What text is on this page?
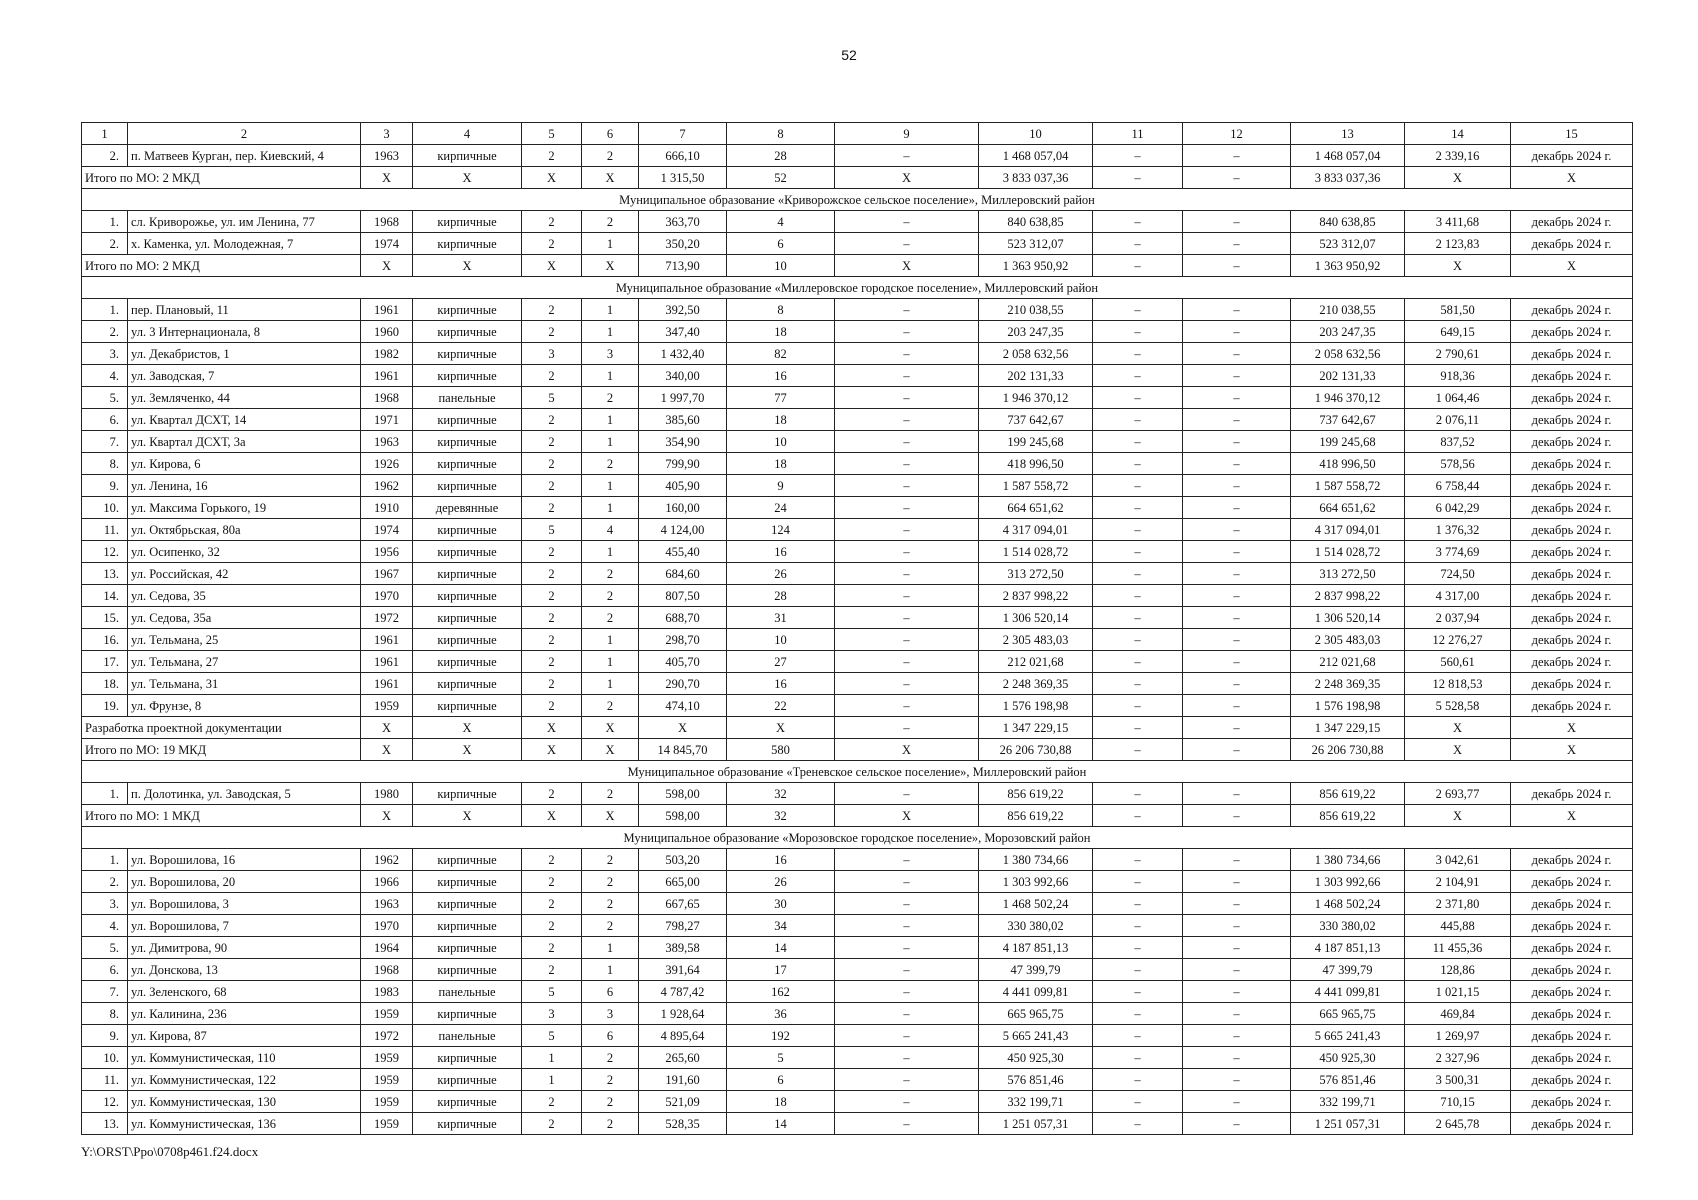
52
1	2	3	4	5	6	7	8	9	10	11	12	13	14	15
2.	п. Матвеев Курган, пер. Киевский, 4	1963	кирпичные	2	2	666,10	28	–	1 468 057,04	–	–	1 468 057,04	2 339,16	декабрь 2024 г.
Итого по МО: 2 МКД		Х	Х	Х	Х	1 315,50	52	Х	3 833 037,36	–	–	3 833 037,36	Х	Х
Муниципальное образование «Криворожское сельское поселение», Миллеровский район														
1.	сл. Криворожье, ул. им Ленина, 77	1968	кирпичные	2	2	363,70	4	–	840 638,85	–	–	840 638,85	3 411,68	декабрь 2024 г.
2.	х. Каменка, ул. Молодежная, 7	1974	кирпичные	2	1	350,20	6	–	523 312,07	–	–	523 312,07	2 123,83	декабрь 2024 г.
Итого по МО: 2 МКД		Х	Х	Х	Х	713,90	10	Х	1 363 950,92	–	–	1 363 950,92	Х	Х
Муниципальное образование «Миллеровское городское поселение», Миллеровский район														
1.	пер. Плановый, 11	1961	кирпичные	2	1	392,50	8	–	210 038,55	–	–	210 038,55	581,50	декабрь 2024 г.
2.	ул. 3 Интернационала, 8	1960	кирпичные	2	1	347,40	18	–	203 247,35	–	–	203 247,35	649,15	декабрь 2024 г.
3.	ул. Декабристов, 1	1982	кирпичные	3	3	1 432,40	82	–	2 058 632,56	–	–	2 058 632,56	2 790,61	декабрь 2024 г.
4.	ул. Заводская, 7	1961	кирпичные	2	1	340,00	16	–	202 131,33	–	–	202 131,33	918,36	декабрь 2024 г.
5.	ул. Земляченко, 44	1968	панельные	5	2	1 997,70	77	–	1 946 370,12	–	–	1 946 370,12	1 064,46	декабрь 2024 г.
6.	ул. Квартал ДСХТ, 14	1971	кирпичные	2	1	385,60	18	–	737 642,67	–	–	737 642,67	2 076,11	декабрь 2024 г.
7.	ул. Квартал ДСХТ, 3а	1963	кирпичные	2	1	354,90	10	–	199 245,68	–	–	199 245,68	837,52	декабрь 2024 г.
8.	ул. Кирова, 6	1926	кирпичные	2	2	799,90	18	–	418 996,50	–	–	418 996,50	578,56	декабрь 2024 г.
9.	ул. Ленина, 16	1962	кирпичные	2	1	405,90	9	–	1 587 558,72	–	–	1 587 558,72	6 758,44	декабрь 2024 г.
10.	ул. Максима Горького, 19	1910	деревянные	2	1	160,00	24	–	664 651,62	–	–	664 651,62	6 042,29	декабрь 2024 г.
11.	ул. Октябрьская, 80а	1974	кирпичные	5	4	4 124,00	124	–	4 317 094,01	–	–	4 317 094,01	1 376,32	декабрь 2024 г.
12.	ул. Осипенко, 32	1956	кирпичные	2	1	455,40	16	–	1 514 028,72	–	–	1 514 028,72	3 774,69	декабрь 2024 г.
13.	ул. Российская, 42	1967	кирпичные	2	2	684,60	26	–	313 272,50	–	–	313 272,50	724,50	декабрь 2024 г.
14.	ул. Седова, 35	1970	кирпичные	2	2	807,50	28	–	2 837 998,22	–	–	2 837 998,22	4 317,00	декабрь 2024 г.
15.	ул. Седова, 35а	1972	кирпичные	2	2	688,70	31	–	1 306 520,14	–	–	1 306 520,14	2 037,94	декабрь 2024 г.
16.	ул. Тельмана, 25	1961	кирпичные	2	1	298,70	10	–	2 305 483,03	–	–	2 305 483,03	12 276,27	декабрь 2024 г.
17.	ул. Тельмана, 27	1961	кирпичные	2	1	405,70	27	–	212 021,68	–	–	212 021,68	560,61	декабрь 2024 г.
18.	ул. Тельмана, 31	1961	кирпичные	2	1	290,70	16	–	2 248 369,35	–	–	2 248 369,35	12 818,53	декабрь 2024 г.
19.	ул. Фрунзе, 8	1959	кирпичные	2	2	474,10	22	–	1 576 198,98	–	–	1 576 198,98	5 528,58	декабрь 2024 г.
Разработка проектной документации		Х	Х	Х	Х	Х	Х	–	1 347 229,15	–	–	1 347 229,15	Х	Х
Итого по МО: 19 МКД		Х	Х	Х	Х	14 845,70	580	Х	26 206 730,88	–	–	26 206 730,88	Х	Х
Муниципальное образование «Треневское сельское поселение», Миллеровский район														
1.	п. Долотинка, ул. Заводская, 5	1980	кирпичные	2	2	598,00	32	–	856 619,22	–	–	856 619,22	2 693,77	декабрь 2024 г.
Итого по МО: 1 МКД		Х	Х	Х	Х	598,00	32	Х	856 619,22	–	–	856 619,22	Х	Х
Муниципальное образование «Морозовское городское поселение», Морозовский район														
1.	ул. Ворошилова, 16	1962	кирпичные	2	2	503,20	16	–	1 380 734,66	–	–	1 380 734,66	3 042,61	декабрь 2024 г.
2.	ул. Ворошилова, 20	1966	кирпичные	2	2	665,00	26	–	1 303 992,66	–	–	1 303 992,66	2 104,91	декабрь 2024 г.
3.	ул. Ворошилова, 3	1963	кирпичные	2	2	667,65	30	–	1 468 502,24	–	–	1 468 502,24	2 371,80	декабрь 2024 г.
4.	ул. Ворошилова, 7	1970	кирпичные	2	2	798,27	34	–	330 380,02	–	–	330 380,02	445,88	декабрь 2024 г.
5.	ул. Димитрова, 90	1964	кирпичные	2	1	389,58	14	–	4 187 851,13	–	–	4 187 851,13	11 455,36	декабрь 2024 г.
6.	ул. Донскова, 13	1968	кирпичные	2	1	391,64	17	–	47 399,79	–	–	47 399,79	128,86	декабрь 2024 г.
7.	ул. Зеленского, 68	1983	панельные	5	6	4 787,42	162	–	4 441 099,81	–	–	4 441 099,81	1 021,15	декабрь 2024 г.
8.	ул. Калинина, 236	1959	кирпичные	3	3	1 928,64	36	–	665 965,75	–	–	665 965,75	469,84	декабрь 2024 г.
9.	ул. Кирова, 87	1972	панельные	5	6	4 895,64	192	–	5 665 241,43	–	–	5 665 241,43	1 269,97	декабрь 2024 г.
10.	ул. Коммунистическая, 110	1959	кирпичные	1	2	265,60	5	–	450 925,30	–	–	450 925,30	2 327,96	декабрь 2024 г.
11.	ул. Коммунистическая, 122	1959	кирпичные	1	2	191,60	6	–	576 851,46	–	–	576 851,46	3 500,31	декабрь 2024 г.
12.	ул. Коммунистическая, 130	1959	кирпичные	2	2	521,09	18	–	332 199,71	–	–	332 199,71	710,15	декабрь 2024 г.
13.	ул. Коммунистическая, 136	1959	кирпичные	2	2	528,35	14	–	1 251 057,31	–	–	1 251 057,31	2 645,78	декабрь 2024 г.
Y:\ORST\Ppo\0708p461.f24.docx
